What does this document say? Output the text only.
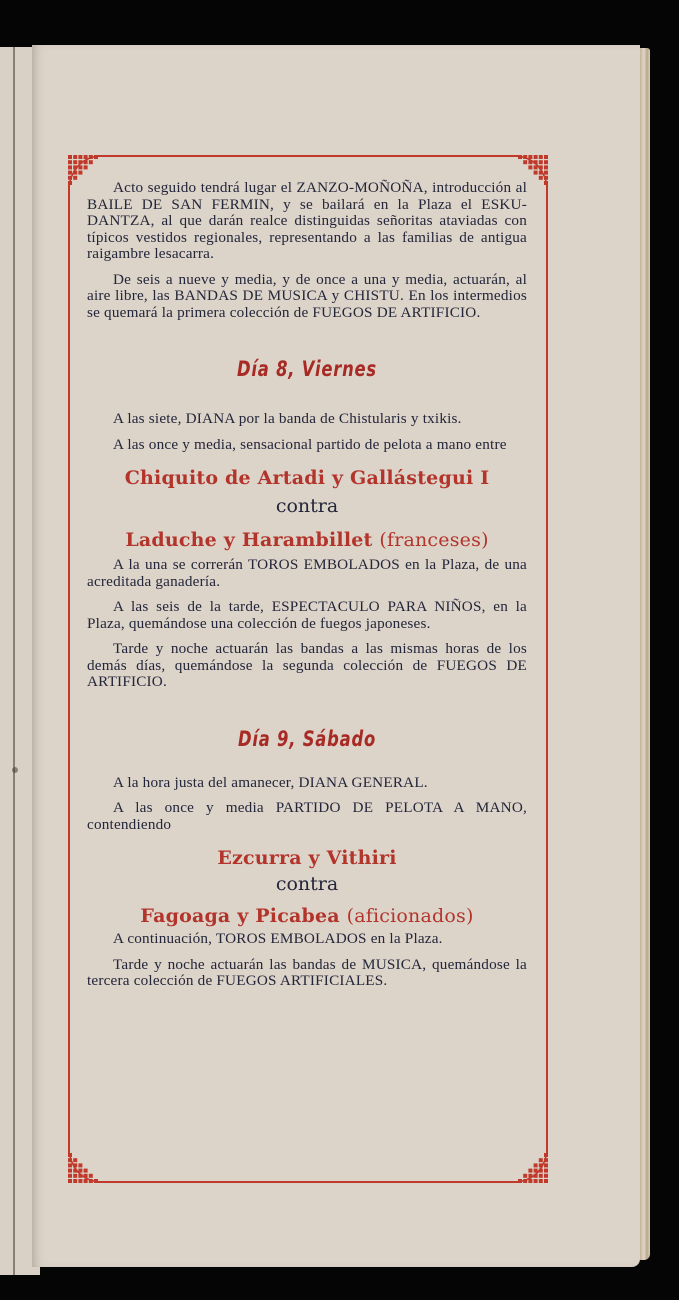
Acto seguido tendrá lugar el ZANZO-MOÑOÑA, introducción al BAILE DE SAN FERMIN, y se bailará en la Plaza el ESKU-DANTZA, al que darán realce distinguidas señoritas ataviadas con típicos vestidos regionales, representando a las familias de antigua raigambre lesacarra.

De seis a nueve y media, y de once a una y media, actuarán, al aire libre, las BANDAS DE MUSICA y CHISTU. En los intermedios se quemará la primera colección de FUEGOS DE ARTIFICIO.

Día 8, Viernes

A las siete, DIANA por la banda de Chistularis y txikis.

A las once y media, sensacional partido de pelota a mano entre

Chiquito de Artadi y Gallástegui I
contra
Laduche y Harambillet (franceses)

A la una se correrán TOROS EMBOLADOS en la Plaza, de una acreditada ganadería.

A las seis de la tarde, ESPECTACULO PARA NIÑOS, en la Plaza, quemándose una colección de fuegos japoneses.

Tarde y noche actuarán las bandas a las mismas horas de los demás días, quemándose la segunda colección de FUEGOS DE ARTIFICIO.

Día 9, Sábado

A la hora justa del amanecer, DIANA GENERAL.

A las once y media PARTIDO DE PELOTA A MANO, contendiendo

Ezcurra y Vithiri
contra
Fagoaga y Picabea (aficionados)

A continuación, TOROS EMBOLADOS en la Plaza.

Tarde y noche actuarán las bandas de MUSICA, quemándose la tercera colección de FUEGOS ARTIFICIALES.
